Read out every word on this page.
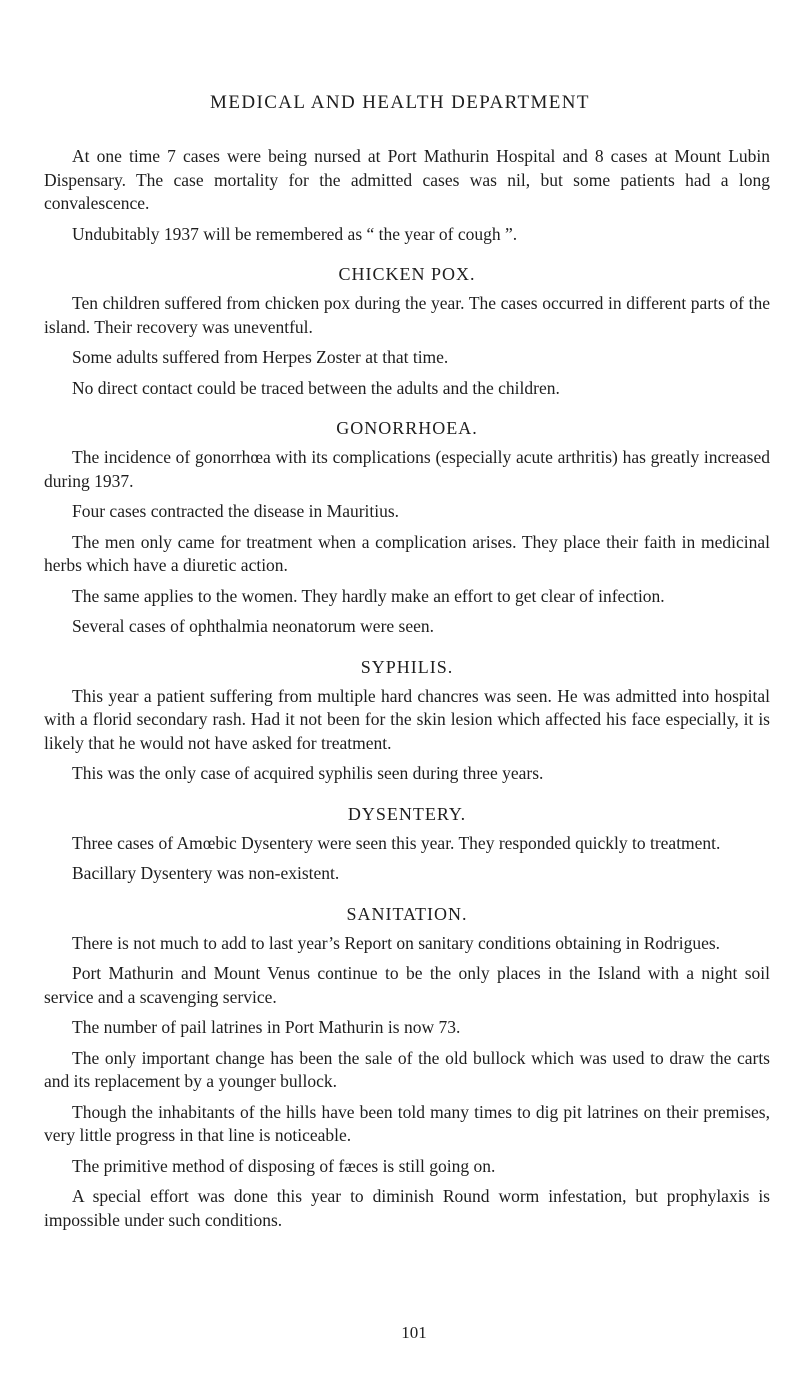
MEDICAL AND HEALTH DEPARTMENT

At one time 7 cases were being nursed at Port Mathurin Hospital and 8 cases at Mount Lubin Dispensary. The case mortality for the admitted cases was nil, but some patients had a long convalescence.

Undubitably 1937 will be remembered as “ the year of cough ”.

CHICKEN POX.

Ten children suffered from chicken pox during the year. The cases occurred in different parts of the island. Their recovery was uneventful.

Some adults suffered from Herpes Zoster at that time.

No direct contact could be traced between the adults and the children.

GONORRHOEA.

The incidence of gonorrhœa with its complications (especially acute arthritis) has greatly increased during 1937.

Four cases contracted the disease in Mauritius.

The men only came for treatment when a complication arises. They place their faith in medicinal herbs which have a diuretic action.

The same applies to the women. They hardly make an effort to get clear of infection.

Several cases of ophthalmia neonatorum were seen.

SYPHILIS.

This year a patient suffering from multiple hard chancres was seen. He was admitted into hospital with a florid secondary rash. Had it not been for the skin lesion which affected his face especially, it is likely that he would not have asked for treatment.

This was the only case of acquired syphilis seen during three years.

DYSENTERY.

Three cases of Amœbic Dysentery were seen this year. They responded quickly to treatment.

Bacillary Dysentery was non-existent.

SANITATION.

There is not much to add to last year’s Report on sanitary conditions obtaining in Rodrigues.

Port Mathurin and Mount Venus continue to be the only places in the Island with a night soil service and a scavenging service.

The number of pail latrines in Port Mathurin is now 73.

The only important change has been the sale of the old bullock which was used to draw the carts and its replacement by a younger bullock.

Though the inhabitants of the hills have been told many times to dig pit latrines on their premises, very little progress in that line is noticeable.

The primitive method of disposing of fæces is still going on.

A special effort was done this year to diminish Round worm infestation, but prophylaxis is impossible under such conditions.

101
